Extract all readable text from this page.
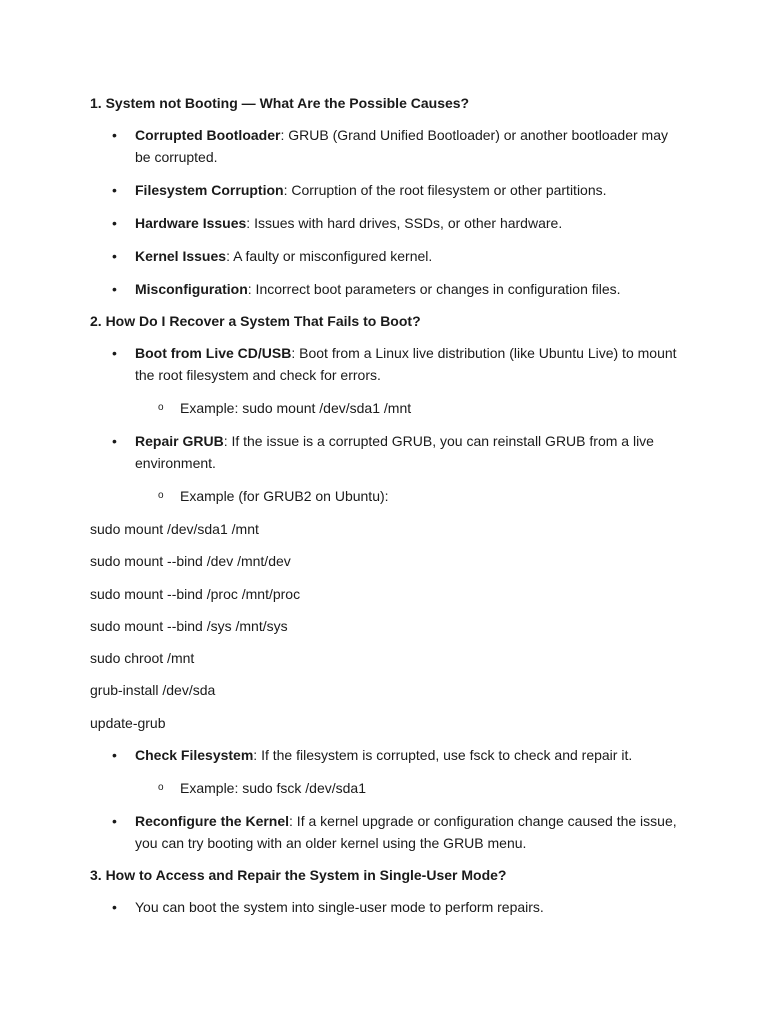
1. System not Booting — What Are the Possible Causes?
• Corrupted Bootloader: GRUB (Grand Unified Bootloader) or another bootloader may be corrupted.
• Filesystem Corruption: Corruption of the root filesystem or other partitions.
• Hardware Issues: Issues with hard drives, SSDs, or other hardware.
• Kernel Issues: A faulty or misconfigured kernel.
• Misconfiguration: Incorrect boot parameters or changes in configuration files.
2. How Do I Recover a System That Fails to Boot?
• Boot from Live CD/USB: Boot from a Linux live distribution (like Ubuntu Live) to mount the root filesystem and check for errors.
o Example: sudo mount /dev/sda1 /mnt
• Repair GRUB: If the issue is a corrupted GRUB, you can reinstall GRUB from a live environment.
o Example (for GRUB2 on Ubuntu):
sudo mount /dev/sda1 /mnt
sudo mount --bind /dev /mnt/dev
sudo mount --bind /proc /mnt/proc
sudo mount --bind /sys /mnt/sys
sudo chroot /mnt
grub-install /dev/sda
update-grub
• Check Filesystem: If the filesystem is corrupted, use fsck to check and repair it.
o Example: sudo fsck /dev/sda1
• Reconfigure the Kernel: If a kernel upgrade or configuration change caused the issue, you can try booting with an older kernel using the GRUB menu.
3. How to Access and Repair the System in Single-User Mode?
• You can boot the system into single-user mode to perform repairs.
